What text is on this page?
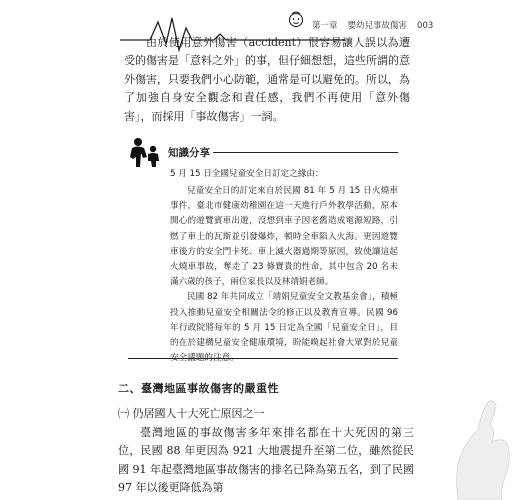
第一章 嬰幼兒事故傷害 003

由於使用意外傷害（accident）很容易讓人誤以為遭受的傷害是「意料之外」的事，但仔細想想，這些所謂的意外傷害，只要我們小心防範，通常是可以避免的。所以，為了加強自身安全觀念和責任感，我們不再使用「意外傷害」，而採用「事故傷害」一詞。

知識分享

5 月 15 日全國兒童安全日訂定之緣由：

兒童安全日的訂定來自於民國 81 年 5 月 15 日火燒車事件，臺北市健康幼稚園在這一天進行戶外教學活動，原本開心的遊覽賓車出遊，沒想到車子因老舊造成電源短路，引燃了車上的瓦斯並引發爆炸，頓時全車陷入火海。更因遊覽車後方的安全門卡死、車上滅火器過期等原因，致使讓這起火燒車事故，奪走了 23 條寶貴的性命，其中包含 20 名未滿六歲的孩子，兩位家長以及林靖娟老師。

民國 82 年共同成立「靖娟兒童安全文教基金會」，積極投入推動兒童安全相關法令的修正以及教育宣導。民國 96 年行政院將每年的 5 月 15 日定為全國「兒童安全日」，目的在於建構兒童安全健康環境，盼能喚起社會大眾對於兒童安全議題的注意。

二、臺灣地區事故傷害的嚴重性
㈠ 仍居國人十大死亡原因之一

臺灣地區的事故傷害多年來排名都在十大死因的第三位，民國 88 年更因為 921 大地震提升至第二位，雖然從民國 91 年起臺灣地區事故傷害的排名已降為第五名，到了民國 97 年以後更降低為第
